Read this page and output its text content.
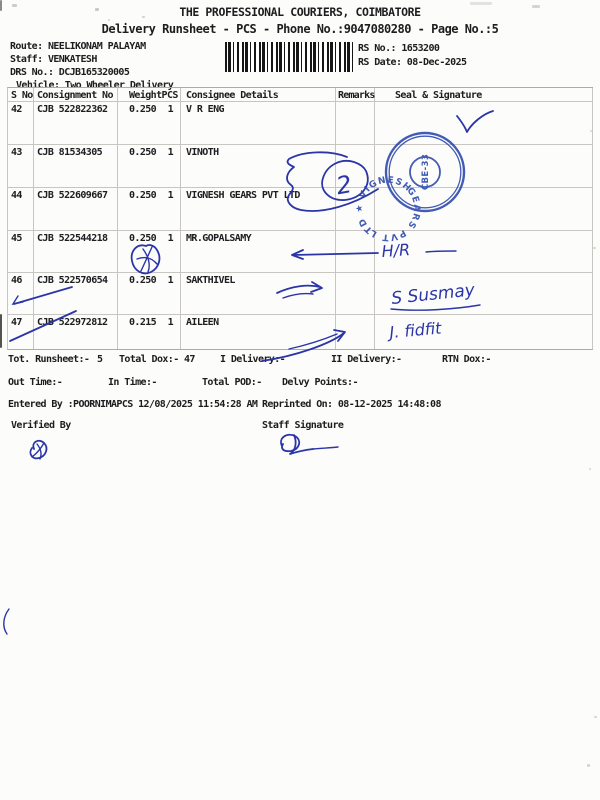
THE PROFESSIONAL COURIERS, COIMBATORE
Delivery Runsheet - PCS - Phone No.:9047080280 - Page No.:5
Route: NEELIKONAM PALAYAM
Staff: VENKATESH
DRS No.: DCJB165320005
Vehicle: Two Wheeler Delivery
RS No.: 1653200
RS Date: 08-Dec-2025
S No Consignment No	Weight PCS Consignee Details	Remarks	Seal & Signature
42	CJB 522822362	0.250 1	V R ENG
43	CJB 81534305	0.250 1	VINOTH
44	CJB 522609667	0.250 1	VIGNESH GEARS PVT LTD
45	CJB 522544218	0.250 1	MR.GOPALSAMY
46	CJB 522570654	0.250 1	SAKTHIVEL
47	CJB 522972812	0.215 1	AILEEN
Tot. Runsheet:- 5 Total Dox:- 47	I Delivery:-	II Delivery:-	RTN Dox:-
Out Time:-	In Time:-	Total POD:- Delvy Points:-
Entered By :POORNIMAPCS 12/08/2025 11:54:28 AM Reprinted On: 08-12-2025 14:48:08
Verified By	Staff Signature
2	GEARS PVT LTD ★ VIGNESH CBE-33
H/R
S Susmay
J. fidfit
